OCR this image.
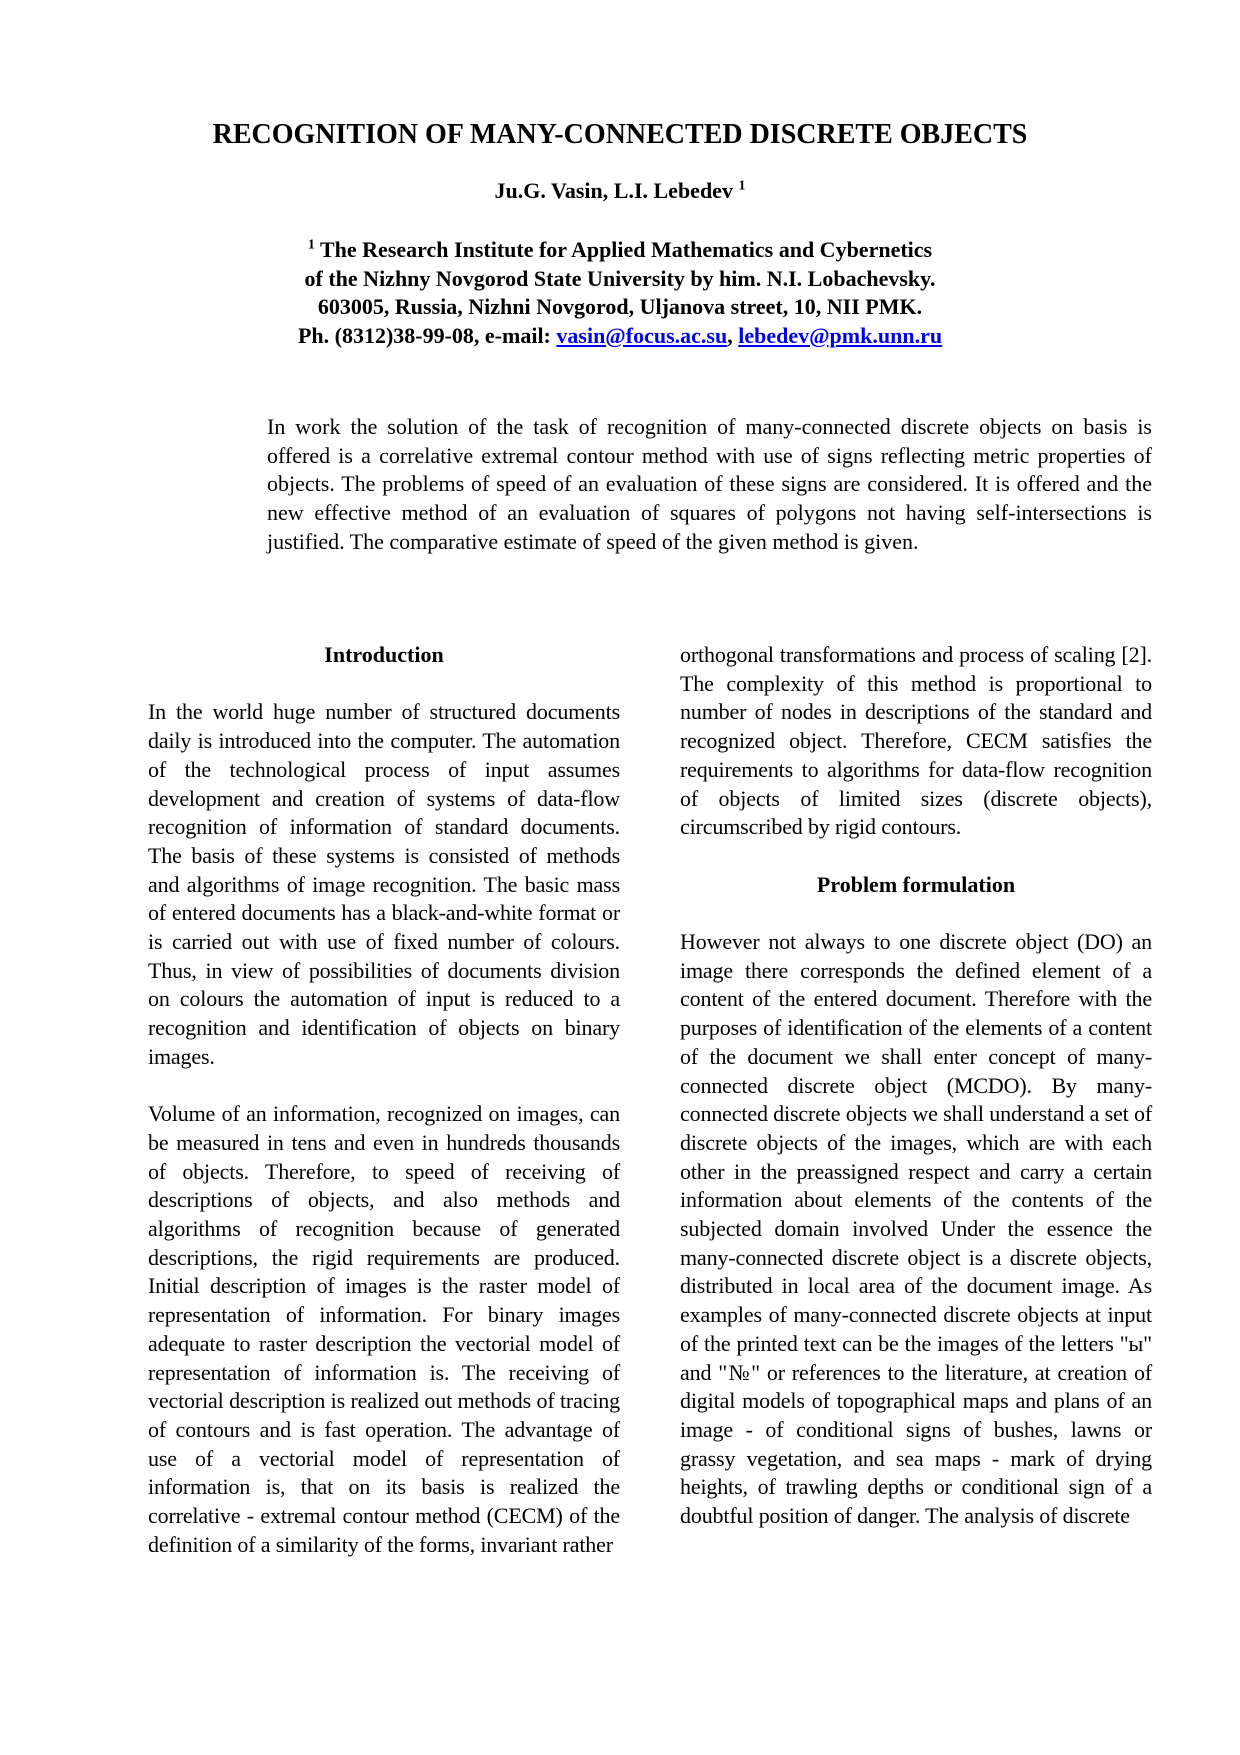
RECOGNITION OF MANY-CONNECTED DISCRETE OBJECTS
Ju.G. Vasin, L.I. Lebedev $^1$
$^1$ The Research Institute for Applied Mathematics and Cybernetics
of the Nizhny Novgorod State University by him. N.I. Lobachevsky.
603005, Russia, Nizhni Novgorod, Uljanova street, 10, NII PMK.
Ph. (8312)38-99-08, e-mail: vasin@focus.ac.su, lebedev@pmk.unn.ru
In work the solution of the task of recognition of many-connected discrete objects on basis is offered is a correlative extremal contour method with use of signs reflecting metric properties of objects. The problems of speed of an evaluation of these signs are considered. It is offered and the new effective method of an evaluation of squares of polygons not having self-intersections is justified. The comparative estimate of speed of the given method is given.

Introduction

In the world huge number of structured documents daily is introduced into the computer. The automation of the technological process of input assumes development and creation of systems of data-flow recognition of information of standard documents. The basis of these systems is consisted of methods and algorithms of image recognition. The basic mass of entered documents has a black-and-white format or is carried out with use of fixed number of colours. Thus, in view of possibilities of documents division on colours the automation of input is reduced to a recognition and identification of objects on binary images.

Volume of an information, recognized on images, can be measured in tens and even in hundreds thousands of objects. Therefore, to speed of receiving of descriptions of objects, and also methods and algorithms of recognition because of generated descriptions, the rigid requirements are produced. Initial description of images is the raster model of representation of information. For binary images adequate to raster description the vectorial model of representation of information is. The receiving of vectorial description is realized out methods of tracing of contours and is fast operation. The advantage of use of a vectorial model of representation of information is, that on its basis is realized the correlative - extremal contour method (CECM) of the definition of a similarity of the forms, invariant rather

orthogonal transformations and process of scaling [2]. The complexity of this method is proportional to number of nodes in descriptions of the standard and recognized object. Therefore, CECM satisfies the requirements to algorithms for data-flow recognition of objects of limited sizes (discrete objects), circumscribed by rigid contours.

Problem formulation

However not always to one discrete object (DO) an image there corresponds the defined element of a content of the entered document. Therefore with the purposes of identification of the elements of a content of the document we shall enter concept of many-connected discrete object (MCDO). By many-connected discrete objects we shall understand a set of discrete objects of the images, which are with each other in the preassigned respect and carry a certain information about elements of the contents of the subjected domain involved Under the essence the many-connected discrete object is a discrete objects, distributed in local area of the document image. As examples of many-connected discrete objects at input of the printed text can be the images of the letters "ы" and "№" or references to the literature, at creation of digital models of topographical maps and plans of an image - of conditional signs of bushes, lawns or grassy vegetation, and sea maps - mark of drying heights, of trawling depths or conditional sign of a doubtful position of danger. The analysis of discrete
